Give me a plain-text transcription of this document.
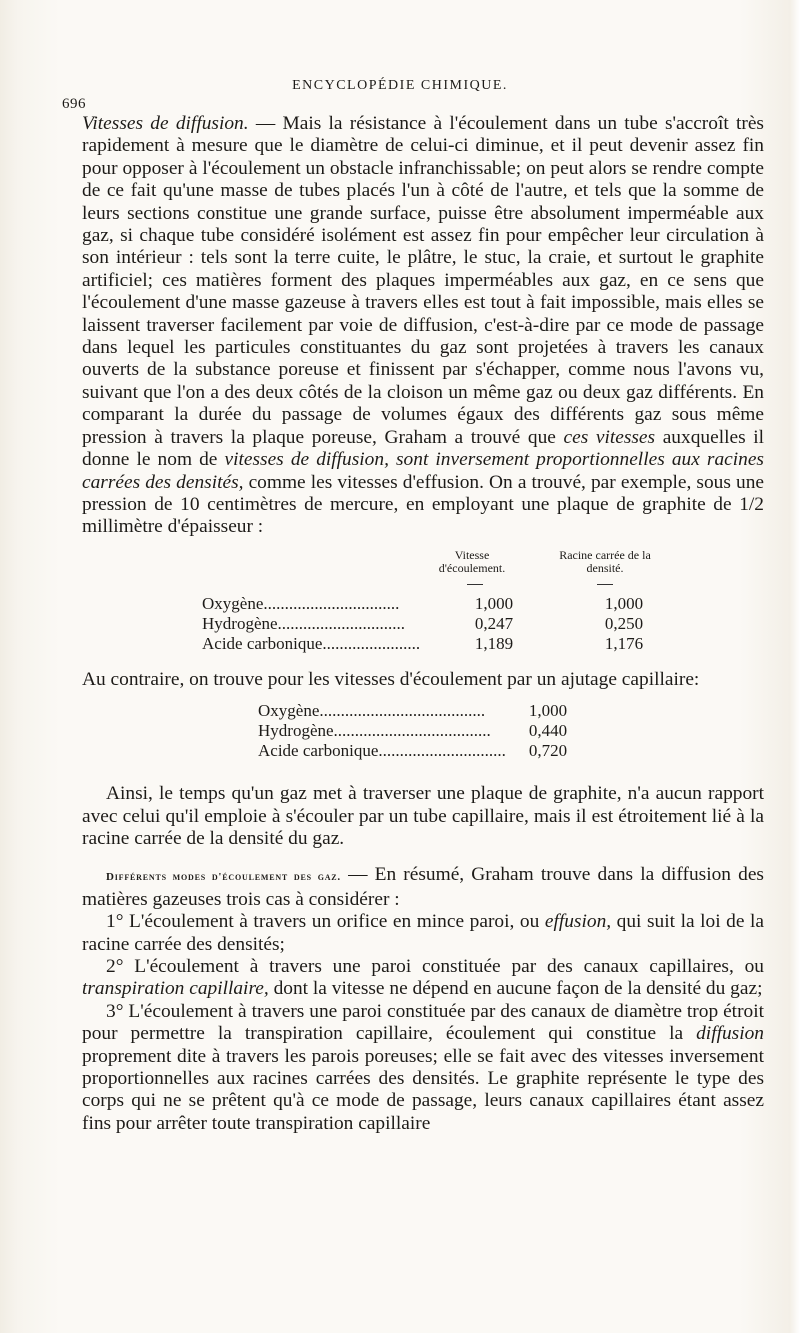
696
ENCYCLOPÉDIE CHIMIQUE.

Vitesses de diffusion. — Mais la résistance à l'écoulement dans un tube s'accroît très rapidement à mesure que le diamètre de celui-ci diminue, et il peut devenir assez fin pour opposer à l'écoulement un obstacle infranchissable; on peut alors se rendre compte de ce fait qu'une masse de tubes placés l'un à côté de l'autre, et tels que la somme de leurs sections constitue une grande surface, puisse être absolument imperméable aux gaz, si chaque tube considéré isolément est assez fin pour empêcher leur circulation à son intérieur : tels sont la terre cuite, le plâtre, le stuc, la craie, et surtout le graphite artificiel; ces matières forment des plaques imperméables aux gaz, en ce sens que l'écoulement d'une masse gazeuse à travers elles est tout à fait impossible, mais elles se laissent traverser facilement par voie de diffusion, c'est-à-dire par ce mode de passage dans lequel les particules constituantes du gaz sont projetées à travers les canaux ouverts de la substance poreuse et finissent par s'échapper, comme nous l'avons vu, suivant que l'on a des deux côtés de la cloison un même gaz ou deux gaz différents. En comparant la durée du passage de volumes égaux des différents gaz sous même pression à travers la plaque poreuse, Graham a trouvé que ces vitesses auxquelles il donne le nom de vitesses de diffusion, sont inversement proportionnelles aux racines carrées des densités, comme les vitesses d'effusion. On a trouvé, par exemple, sous une pression de 10 centimètres de mercure, en employant une plaque de graphite de 1/2 millimètre d'épaisseur :

Vitesse d'écoulement.
Racine carrée de la densité.
Oxygène................................	1,000	1,000
Hydrogène..............................	0,247	0,250
Acide carbonique.......................	1,189	1,176

Au contraire, on trouve pour les vitesses d'écoulement par un ajutage capillaire:

Oxygène.......................................	1,000
Hydrogène.....................................	0,440
Acide carbonique..............................	0,720

Ainsi, le temps qu'un gaz met à traverser une plaque de graphite, n'a aucun rapport avec celui qu'il emploie à s'écouler par un tube capillaire, mais il est étroitement lié à la racine carrée de la densité du gaz.

Différents modes d'écoulement des gaz. — En résumé, Graham trouve dans la diffusion des matières gazeuses trois cas à considérer :

1° L'écoulement à travers un orifice en mince paroi, ou effusion, qui suit la loi de la racine carrée des densités;

2° L'écoulement à travers une paroi constituée par des canaux capillaires, ou transpiration capillaire, dont la vitesse ne dépend en aucune façon de la densité du gaz;

3° L'écoulement à travers une paroi constituée par des canaux de diamètre trop étroit pour permettre la transpiration capillaire, écoulement qui constitue la diffusion proprement dite à travers les parois poreuses; elle se fait avec des vitesses inversement proportionnelles aux racines carrées des densités. Le graphite représente le type des corps qui ne se prêtent qu'à ce mode de passage, leurs canaux capillaires étant assez fins pour arrêter toute transpiration capillaire
